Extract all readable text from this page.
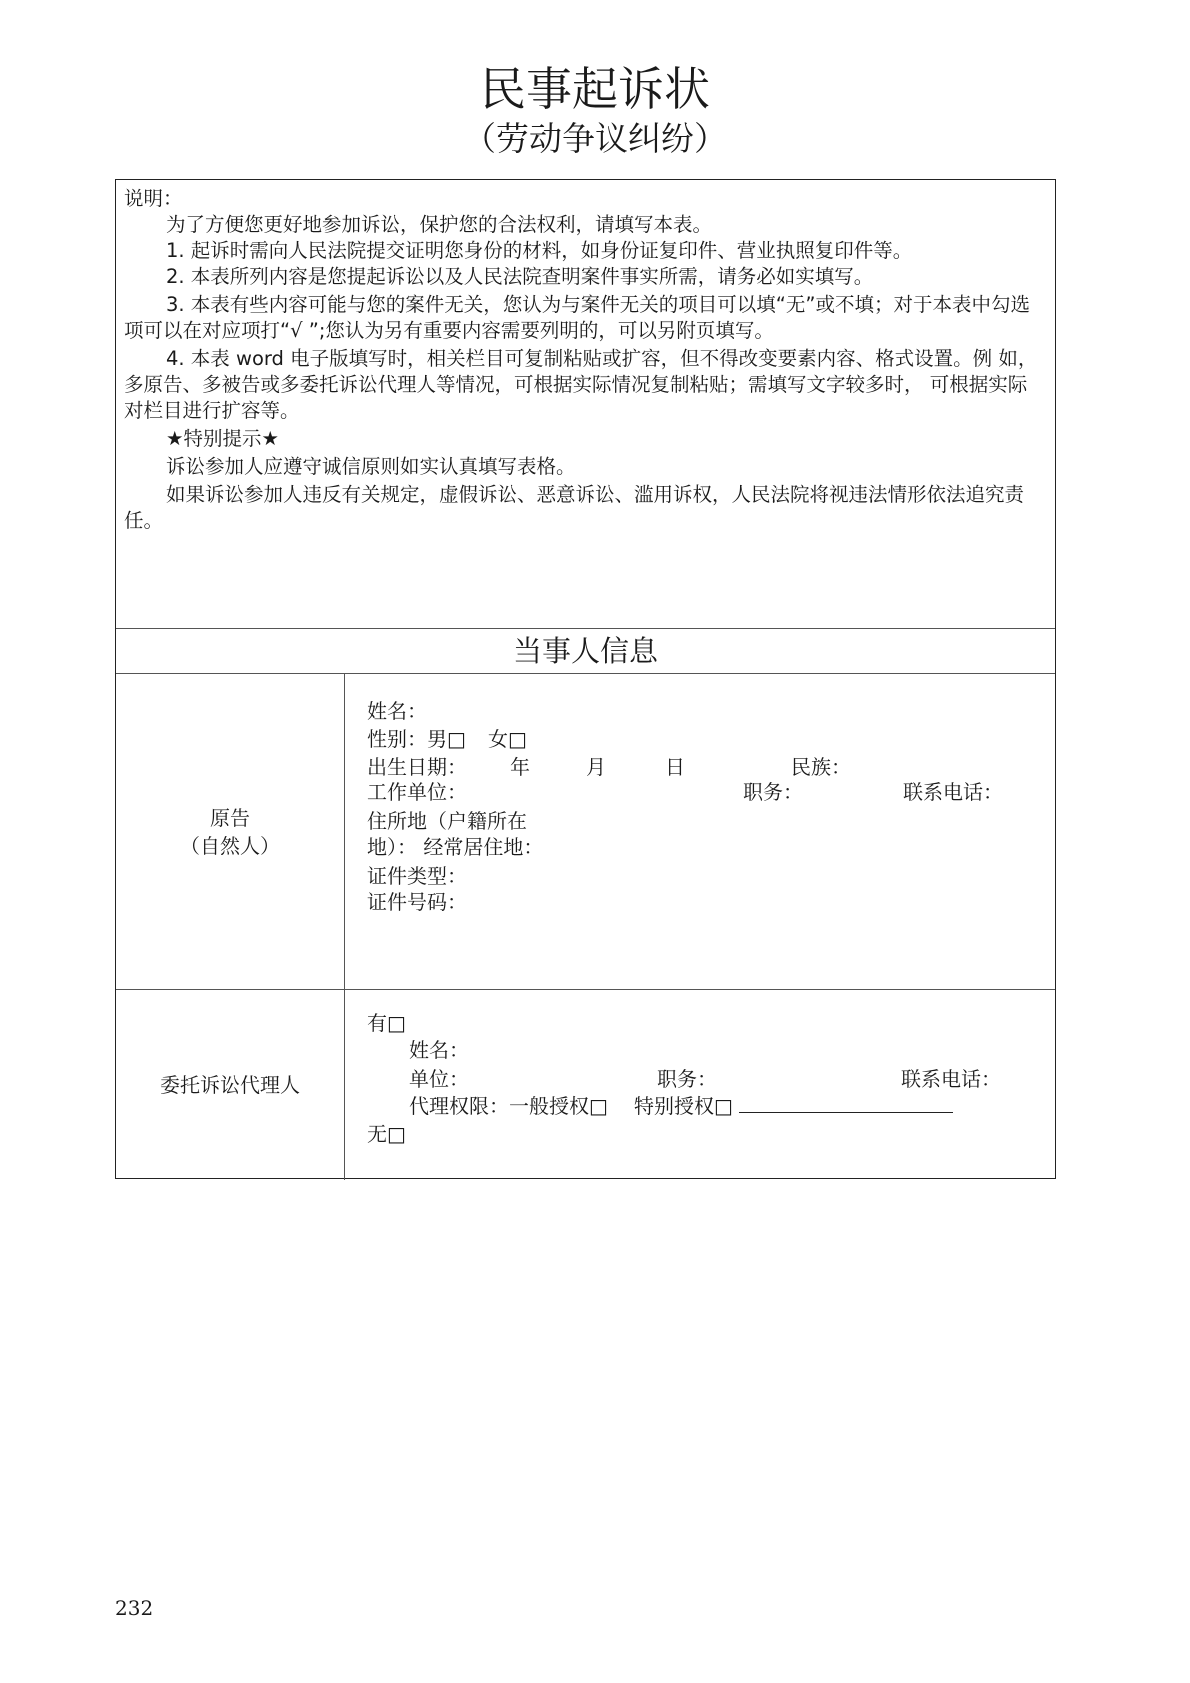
民事起诉状
（劳动争议纠纷）

说明：

为了方便您更好地参加诉讼，保护您的合法权利，请填写本表。

1. 起诉时需向人民法院提交证明您身份的材料，如身份证复印件、营业执照复印件等。

2. 本表所列内容是您提起诉讼以及人民法院查明案件事实所需，请务必如实填写。

3. 本表有些内容可能与您的案件无关，您认为与案件无关的项目可以填“无”或不填；对于本表中勾选项可以在对应项打“√ ”;您认为另有重要内容需要列明的，可以另附页填写。

4. 本表 word 电子版填写时，相关栏目可复制粘贴或扩容，但不得改变要素内容、格式设置。例 如，多原告、多被告或多委托诉讼代理人等情况，可根据实际情况复制粘贴；需填写文字较多时， 可根据实际对栏目进行扩容等。

★特别提示★

诉讼参加人应遵守诚信原则如实认真填写表格。

如果诉讼参加人违反有关规定，虚假诉讼、恶意诉讼、滥用诉权，人民法院将视违法情形依法追究责任。

当事人信息
原告
（自然人）
姓名：
性别：男□ 女□
出生日期： 年	月	日	民族：
工作单位：	职务：	联系电话：
住所地（户籍所在
地）： 经常居住地：
证件类型：
证件号码：
委托诉讼代理人
有□
姓名：
单位：	职务：	联系电话：
代理权限：一般授权□ 特别授权□
无□
232
